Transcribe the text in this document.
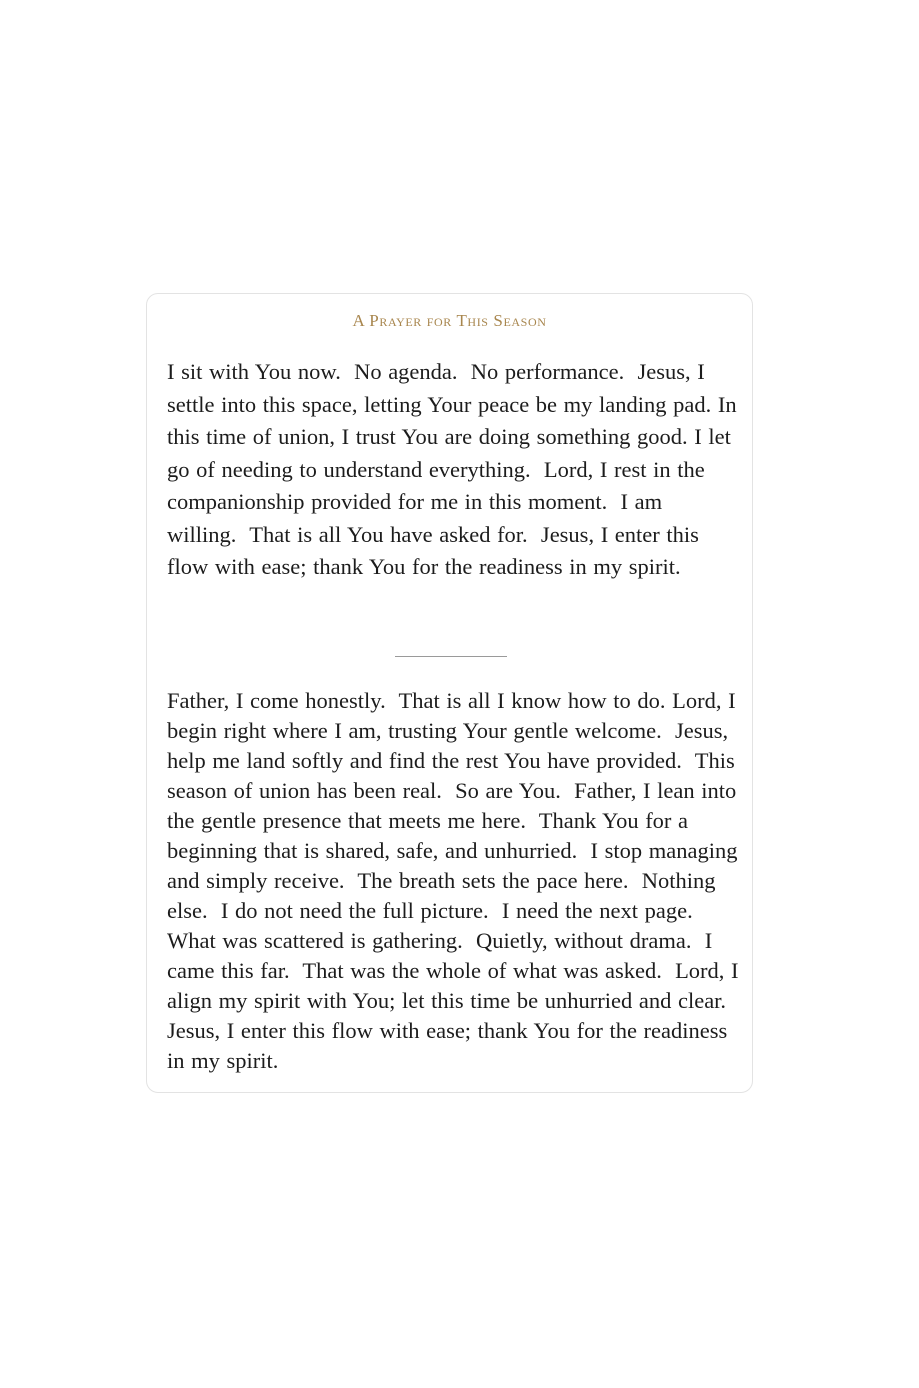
A Prayer for This Season

I sit with You now.  No agenda.  No performance.  Jesus, I settle into this space, letting Your peace be my landing pad. In this time of union, I trust You are doing something good. I let go of needing to understand everything.  Lord, I rest in the companionship provided for me in this moment.  I am willing.  That is all You have asked for.  Jesus, I enter this flow with ease; thank You for the readiness in my spirit.

Father, I come honestly.  That is all I know how to do. Lord, I begin right where I am, trusting Your gentle welcome.  Jesus, help me land softly and find the rest You have provided.  This season of union has been real.  So are You.  Father, I lean into the gentle presence that meets me here.  Thank You for a beginning that is shared, safe, and unhurried.  I stop managing and simply receive.  The breath sets the pace here.  Nothing else.  I do not need the full picture.  I need the next page.  What was scattered is gathering.  Quietly, without drama.  I came this far.  That was the whole of what was asked.  Lord, I align my spirit with You; let this time be unhurried and clear.  Jesus, I enter this flow with ease; thank You for the readiness in my spirit.
